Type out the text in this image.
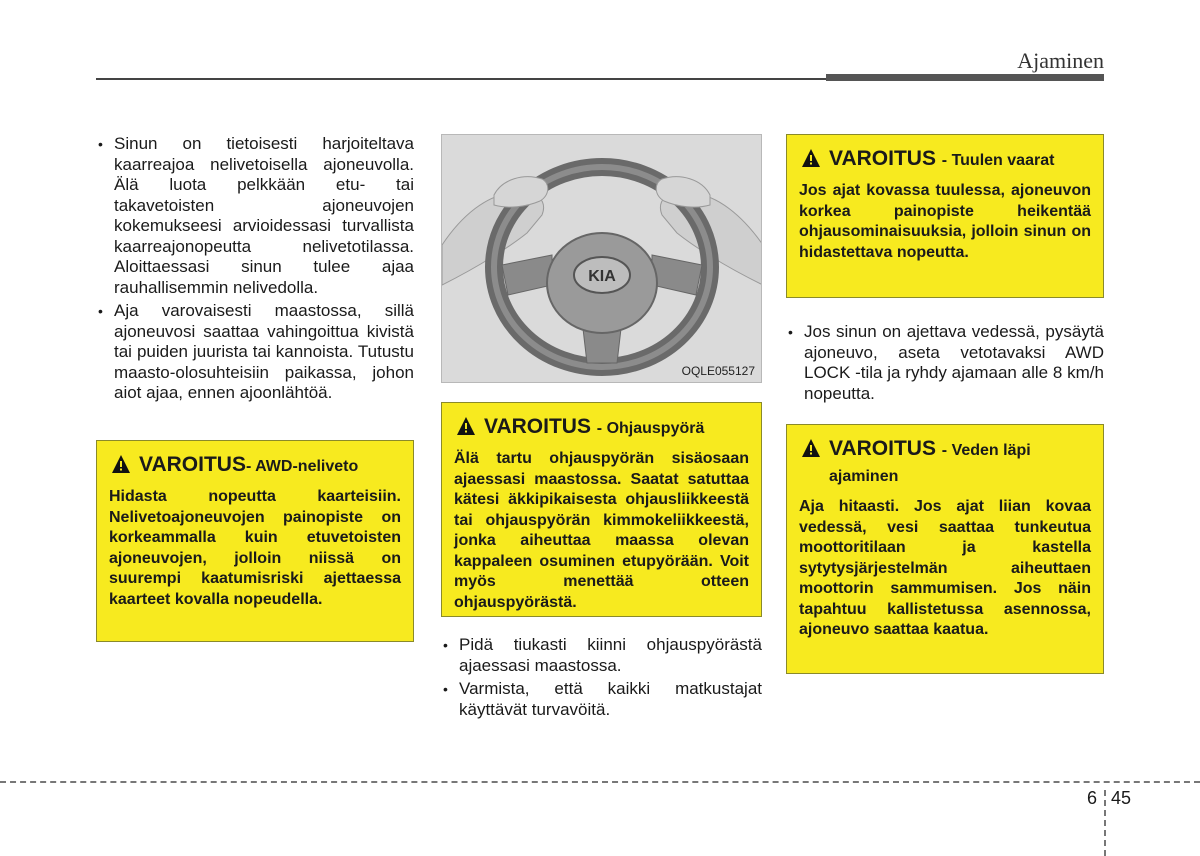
Ajaminen
• Sinun on tietoisesti harjoiteltava kaarreajoa nelivetoisella ajoneuvolla. Älä luota pelkkään etu- tai takavetoisten ajoneuvojen kokemukseesi arvioidessasi turvallista kaarreajonopeutta nelivetotilassa. Aloittaessasi sinun tulee ajaa rauhallisemmin nelivedolla.
• Aja varovaisesti maastossa, sillä ajoneuvosi saattaa vahingoittua kivistä tai puiden juurista tai kannoista. Tutustu maasto-olosuhteisiin paikassa, johon aiot ajaa, ennen ajoonlähtöä.
VAROITUS- AWD-neliveto
Hidasta nopeutta kaarteisiin. Nelivetoajoneuvojen painopiste on korkeammalla kuin etuvetoisten ajoneuvojen, jolloin niissä on suurempi kaatumisriski ajettaessa kaarteet kovalla nopeudella.
KIA
OQLE055127
VAROITUS - Ohjauspyörä
Älä tartu ohjauspyörän sisäosaan ajaessasi maastossa. Saatat satuttaa kätesi äkkipikaisesta ohjausliikkeestä tai ohjauspyörän kimmokeliikkeestä, jonka aiheuttaa maassa olevan kappaleen osuminen etupyörään. Voit myös menettää otteen ohjauspyörästä.
• Pidä tiukasti kiinni ohjauspyörästä ajaessasi maastossa.
• Varmista, että kaikki matkustajat käyttävät turvavöitä.
VAROITUS - Tuulen vaarat
Jos ajat kovassa tuulessa, ajoneuvon korkea painopiste heikentää ohjausominaisuuksia, jolloin sinun on hidastettava nopeutta.
• Jos sinun on ajettava vedessä, pysäytä ajoneuvo, aseta vetotavaksi AWD LOCK -tila ja ryhdy ajamaan alle 8 km/h nopeutta.
VAROITUS - Veden läpi ajaminen
Aja hitaasti. Jos ajat liian kovaa vedessä, vesi saattaa tunkeutua moottoritilaan ja kastella sytytysjärjestelmän aiheuttaen moottorin sammumisen. Jos näin tapahtuu kallistetussa asennossa, ajoneuvo saattaa kaatua.
6 45
